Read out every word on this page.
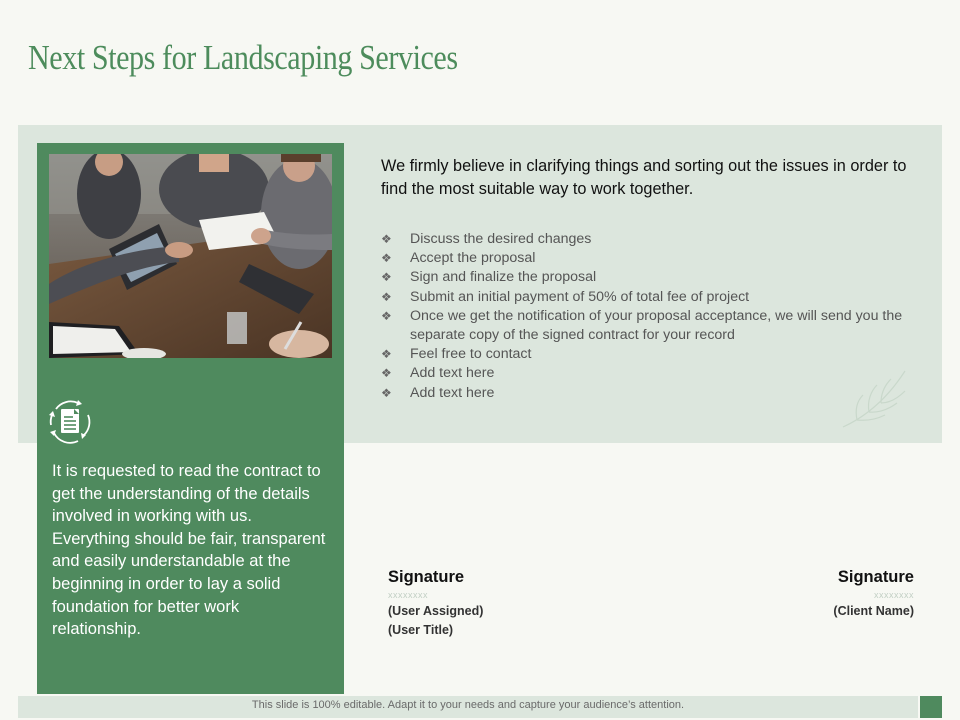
Next Steps for Landscaping Services

It is requested to read the contract to get the understanding of the details involved in working with us. Everything should be fair, transparent and easily understandable at the beginning in order to lay a solid foundation for better work relationship.

We firmly believe in clarifying things and sorting out the issues in order to find the most suitable way to work together.

❖ Discuss the desired changes
❖ Accept the proposal
❖ Sign and finalize the proposal
❖ Submit an initial payment of 50% of total fee of project
❖ Once we get the notification of your proposal acceptance, we will send you the separate copy of the signed contract for your record
❖ Feel free to contact
❖ Add text here
❖ Add text here
Signature
xxxxxxxx
(User Assigned)
(User Title)
Signature
xxxxxxxx
(Client Name)
This slide is 100% editable. Adapt it to your needs and capture your audience’s attention.
